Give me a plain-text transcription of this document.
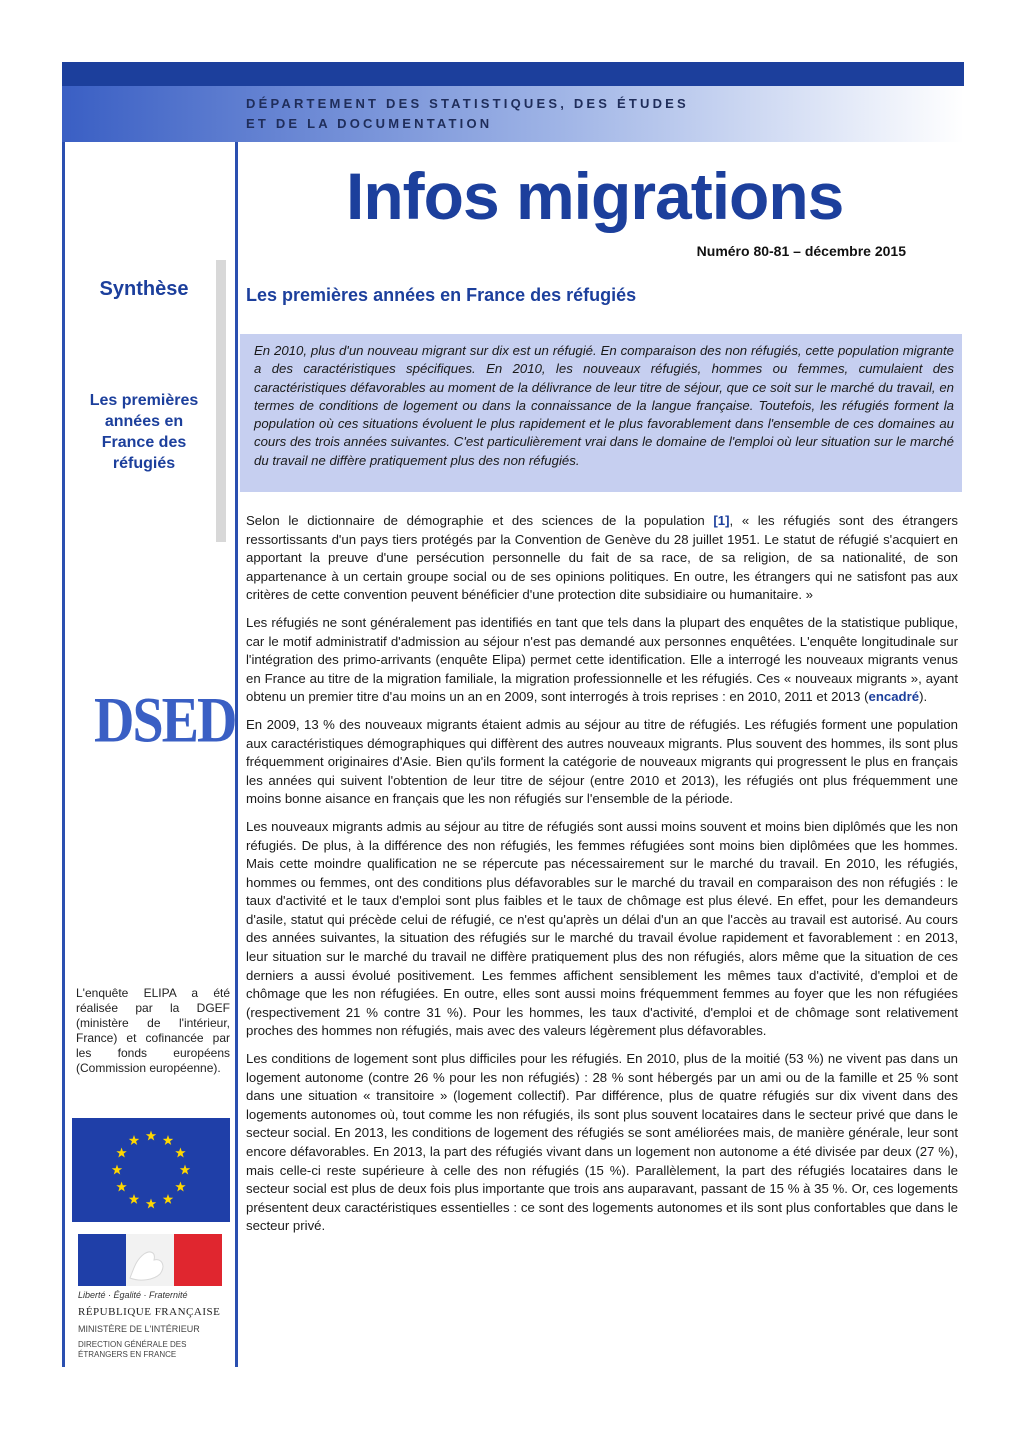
DÉPARTEMENT DES STATISTIQUES, DES ÉTUDES
ET DE LA DOCUMENTATION
Infos migrations
Numéro 80-81 – décembre 2015
Synthèse
Les premières années en France des réfugiés
DSED
L'enquête ELIPA a été réalisée par la DGEF (ministère de l'intérieur, France) et cofinancée par les fonds européens (Commission européenne).
Liberté · Égalité · Fraternité
RÉPUBLIQUE FRANÇAISE
MINISTÈRE DE L'INTÉRIEUR
DIRECTION GÉNÉRALE DES ÉTRANGERS EN FRANCE
Les premières années en France des réfugiés
En 2010, plus d'un nouveau migrant sur dix est un réfugié. En comparaison des non réfugiés, cette population migrante a des caractéristiques spécifiques. En 2010, les nouveaux réfugiés, hommes ou femmes, cumulaient des caractéristiques défavorables au moment de la délivrance de leur titre de séjour, que ce soit sur le marché du travail, en termes de conditions de logement ou dans la connaissance de la langue française. Toutefois, les réfugiés forment la population où ces situations évoluent le plus rapidement et le plus favorablement dans l'ensemble de ces domaines au cours des trois années suivantes. C'est particulièrement vrai dans le domaine de l'emploi où leur situation sur le marché du travail ne diffère pratiquement plus des non réfugiés.

Selon le dictionnaire de démographie et des sciences de la population [1], « les réfugiés sont des étrangers ressortissants d'un pays tiers protégés par la Convention de Genève du 28 juillet 1951. Le statut de réfugié s'acquiert en apportant la preuve d'une persécution personnelle du fait de sa race, de sa religion, de sa nationalité, de son appartenance à un certain groupe social ou de ses opinions politiques. En outre, les étrangers qui ne satisfont pas aux critères de cette convention peuvent bénéficier d'une protection dite subsidiaire ou humanitaire. »

Les réfugiés ne sont généralement pas identifiés en tant que tels dans la plupart des enquêtes de la statistique publique, car le motif administratif d'admission au séjour n'est pas demandé aux personnes enquêtées. L'enquête longitudinale sur l'intégration des primo-arrivants (enquête Elipa) permet cette identification. Elle a interrogé les nouveaux migrants venus en France au titre de la migration familiale, la migration professionnelle et les réfugiés. Ces « nouveaux migrants », ayant obtenu un premier titre d'au moins un an en 2009, sont interrogés à trois reprises : en 2010, 2011 et 2013 (encadré).

En 2009, 13 % des nouveaux migrants étaient admis au séjour au titre de réfugiés. Les réfugiés forment une population aux caractéristiques démographiques qui diffèrent des autres nouveaux migrants. Plus souvent des hommes, ils sont plus fréquemment originaires d'Asie. Bien qu'ils forment la catégorie de nouveaux migrants qui progressent le plus en français les années qui suivent l'obtention de leur titre de séjour (entre 2010 et 2013), les réfugiés ont plus fréquemment une moins bonne aisance en français que les non réfugiés sur l'ensemble de la période.

Les nouveaux migrants admis au séjour au titre de réfugiés sont aussi moins souvent et moins bien diplômés que les non réfugiés. De plus, à la différence des non réfugiés, les femmes réfugiées sont moins bien diplômées que les hommes. Mais cette moindre qualification ne se répercute pas nécessairement sur le marché du travail. En 2010, les réfugiés, hommes ou femmes, ont des conditions plus défavorables sur le marché du travail en comparaison des non réfugiés : le taux d'activité et le taux d'emploi sont plus faibles et le taux de chômage est plus élevé. En effet, pour les demandeurs d'asile, statut qui précède celui de réfugié, ce n'est qu'après un délai d'un an que l'accès au travail est autorisé. Au cours des années suivantes, la situation des réfugiés sur le marché du travail évolue rapidement et favorablement : en 2013, leur situation sur le marché du travail ne diffère pratiquement plus des non réfugiés, alors même que la situation de ces derniers a aussi évolué positivement. Les femmes affichent sensiblement les mêmes taux d'activité, d'emploi et de chômage que les non réfugiées. En outre, elles sont aussi moins fréquemment femmes au foyer que les non réfugiées (respectivement 21 % contre 31 %). Pour les hommes, les taux d'activité, d'emploi et de chômage sont relativement proches des hommes non réfugiés, mais avec des valeurs légèrement plus défavorables.

Les conditions de logement sont plus difficiles pour les réfugiés. En 2010, plus de la moitié (53 %) ne vivent pas dans un logement autonome (contre 26 % pour les non réfugiés) : 28 % sont hébergés par un ami ou de la famille et 25 % sont dans une situation « transitoire » (logement collectif). Par différence, plus de quatre réfugiés sur dix vivent dans des logements autonomes où, tout comme les non réfugiés, ils sont plus souvent locataires dans le secteur privé que dans le secteur social. En 2013, les conditions de logement des réfugiés se sont améliorées mais, de manière générale, leur sont encore défavorables. En 2013, la part des réfugiés vivant dans un logement non autonome a été divisée par deux (27 %), mais celle-ci reste supérieure à celle des non réfugiés (15 %). Parallèlement, la part des réfugiés locataires dans le secteur social est plus de deux fois plus importante que trois ans auparavant, passant de 15 % à 35 %. Or, ces logements présentent deux caractéristiques essentielles : ce sont des logements autonomes et ils sont plus confortables que dans le secteur privé.
